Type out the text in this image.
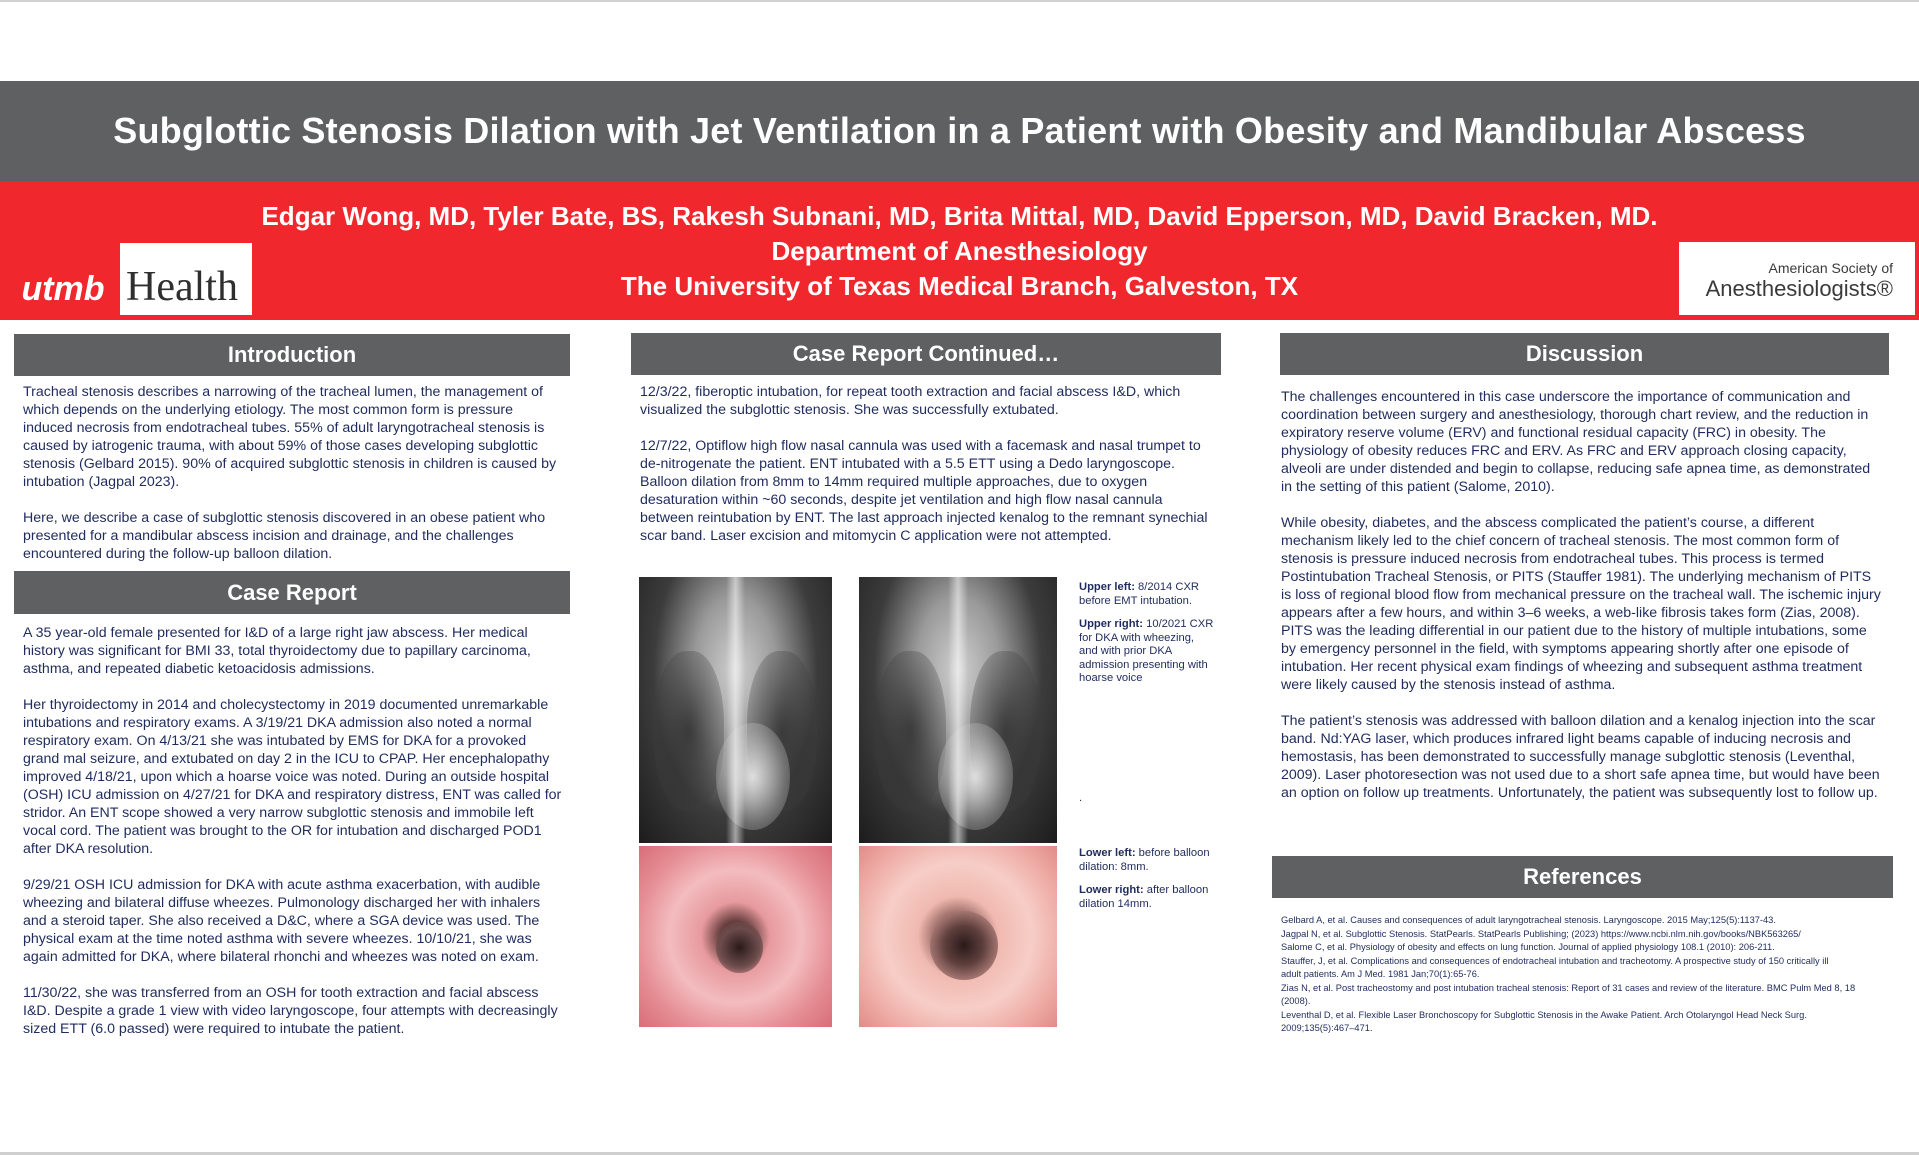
Subglottic Stenosis Dilation with Jet Ventilation in a Patient with Obesity and Mandibular Abscess
Edgar Wong, MD, Tyler Bate, BS, Rakesh Subnani, MD, Brita Mittal, MD, David Epperson, MD, David Bracken, MD.
Department of Anesthesiology
The University of Texas Medical Branch, Galveston, TX
utmb Health	American Society of
Anesthesiologists®
Introduction

Tracheal stenosis describes a narrowing of the tracheal lumen, the management of which depends on the underlying etiology. The most common form is pressure induced necrosis from endotracheal tubes. 55% of adult laryngotracheal stenosis is caused by iatrogenic trauma, with about 59% of those cases developing subglottic stenosis (Gelbard 2015). 90% of acquired subglottic stenosis in children is caused by intubation (Jagpal 2023).

Here, we describe a case of subglottic stenosis discovered in an obese patient who presented for a mandibular abscess incision and drainage, and the challenges encountered during the follow-up balloon dilation.

Case Report

A 35 year-old female presented for I&D of a large right jaw abscess. Her medical history was significant for BMI 33, total thyroidectomy due to papillary carcinoma, asthma, and repeated diabetic ketoacidosis admissions.

Her thyroidectomy in 2014 and cholecystectomy in 2019 documented unremarkable intubations and respiratory exams. A 3/19/21 DKA admission also noted a normal respiratory exam. On 4/13/21 she was intubated by EMS for DKA for a provoked grand mal seizure, and extubated on day 2 in the ICU to CPAP. Her encephalopathy improved 4/18/21, upon which a hoarse voice was noted. During an outside hospital (OSH) ICU admission on 4/27/21 for DKA and respiratory distress, ENT was called for stridor. An ENT scope showed a very narrow subglottic stenosis and immobile left vocal cord. The patient was brought to the OR for intubation and discharged POD1 after DKA resolution.

9/29/21 OSH ICU admission for DKA with acute asthma exacerbation, with audible wheezing and bilateral diffuse wheezes. Pulmonology discharged her with inhalers and a steroid taper. She also received a D&C, where a SGA device was used. The physical exam at the time noted asthma with severe wheezes. 10/10/21, she was again admitted for DKA, where bilateral rhonchi and wheezes was noted on exam.

11/30/22, she was transferred from an OSH for tooth extraction and facial abscess I&D. Despite a grade 1 view with video laryngoscope, four attempts with decreasingly sized ETT (6.0 passed) were required to intubate the patient.

Case Report Continued…

12/3/22, fiberoptic intubation, for repeat tooth extraction and facial abscess I&D, which visualized the subglottic stenosis. She was successfully extubated.

12/7/22, Optiflow high flow nasal cannula was used with a facemask and nasal trumpet to de-nitrogenate the patient. ENT intubated with a 5.5 ETT using a Dedo laryngoscope. Balloon dilation from 8mm to 14mm required multiple approaches, due to oxygen desaturation within ~60 seconds, despite jet ventilation and high flow nasal cannula between reintubation by ENT. The last approach injected kenalog to the remnant synechial scar band. Laser excision and mitomycin C application were not attempted.

Upper left: 8/2014 CXR before EMT intubation.

Upper right: 10/2021 CXR for DKA with wheezing, and with prior DKA admission presenting with hoarse voice

.

Lower left: before balloon dilation: 8mm.

Lower right: after balloon dilation 14mm.

Discussion

The challenges encountered in this case underscore the importance of communication and coordination between surgery and anesthesiology, thorough chart review, and the reduction in expiratory reserve volume (ERV) and functional residual capacity (FRC) in obesity. The physiology of obesity reduces FRC and ERV. As FRC and ERV approach closing capacity, alveoli are under distended and begin to collapse, reducing safe apnea time, as demonstrated in the setting of this patient (Salome, 2010).

While obesity, diabetes, and the abscess complicated the patient’s course, a different mechanism likely led to the chief concern of tracheal stenosis. The most common form of stenosis is pressure induced necrosis from endotracheal tubes. This process is termed Postintubation Tracheal Stenosis, or PITS (Stauffer 1981). The underlying mechanism of PITS is loss of regional blood flow from mechanical pressure on the tracheal wall. The ischemic injury appears after a few hours, and within 3–6 weeks, a web-like fibrosis takes form (Zias, 2008). PITS was the leading differential in our patient due to the history of multiple intubations, some by emergency personnel in the field, with symptoms appearing shortly after one episode of intubation. Her recent physical exam findings of wheezing and subsequent asthma treatment were likely caused by the stenosis instead of asthma.

The patient’s stenosis was addressed with balloon dilation and a kenalog injection into the scar band. Nd:YAG laser, which produces infrared light beams capable of inducing necrosis and hemostasis, has been demonstrated to successfully manage subglottic stenosis (Leventhal, 2009). Laser photoresection was not used due to a short safe apnea time, but would have been an option on follow up treatments. Unfortunately, the patient was subsequently lost to follow up.

References
Gelbard A, et al. Causes and consequences of adult laryngotracheal stenosis. Laryngoscope. 2015 May;125(5):1137-43.
Jagpal N, et al. Subglottic Stenosis. StatPearls. StatPearls Publishing; (2023) https://www.ncbi.nlm.nih.gov/books/NBK563265/
Salome C, et al. Physiology of obesity and effects on lung function. Journal of applied physiology 108.1 (2010): 206-211.
Stauffer, J, et al. Complications and consequences of endotracheal intubation and tracheotomy. A prospective study of 150 critically ill
adult patients. Am J Med. 1981 Jan;70(1):65-76.
Zias N, et al. Post tracheostomy and post intubation tracheal stenosis: Report of 31 cases and review of the literature. BMC Pulm Med 8, 18
(2008).
Leventhal D, et al. Flexible Laser Bronchoscopy for Subglottic Stenosis in the Awake Patient. Arch Otolaryngol Head Neck Surg.
2009;135(5):467–471.
